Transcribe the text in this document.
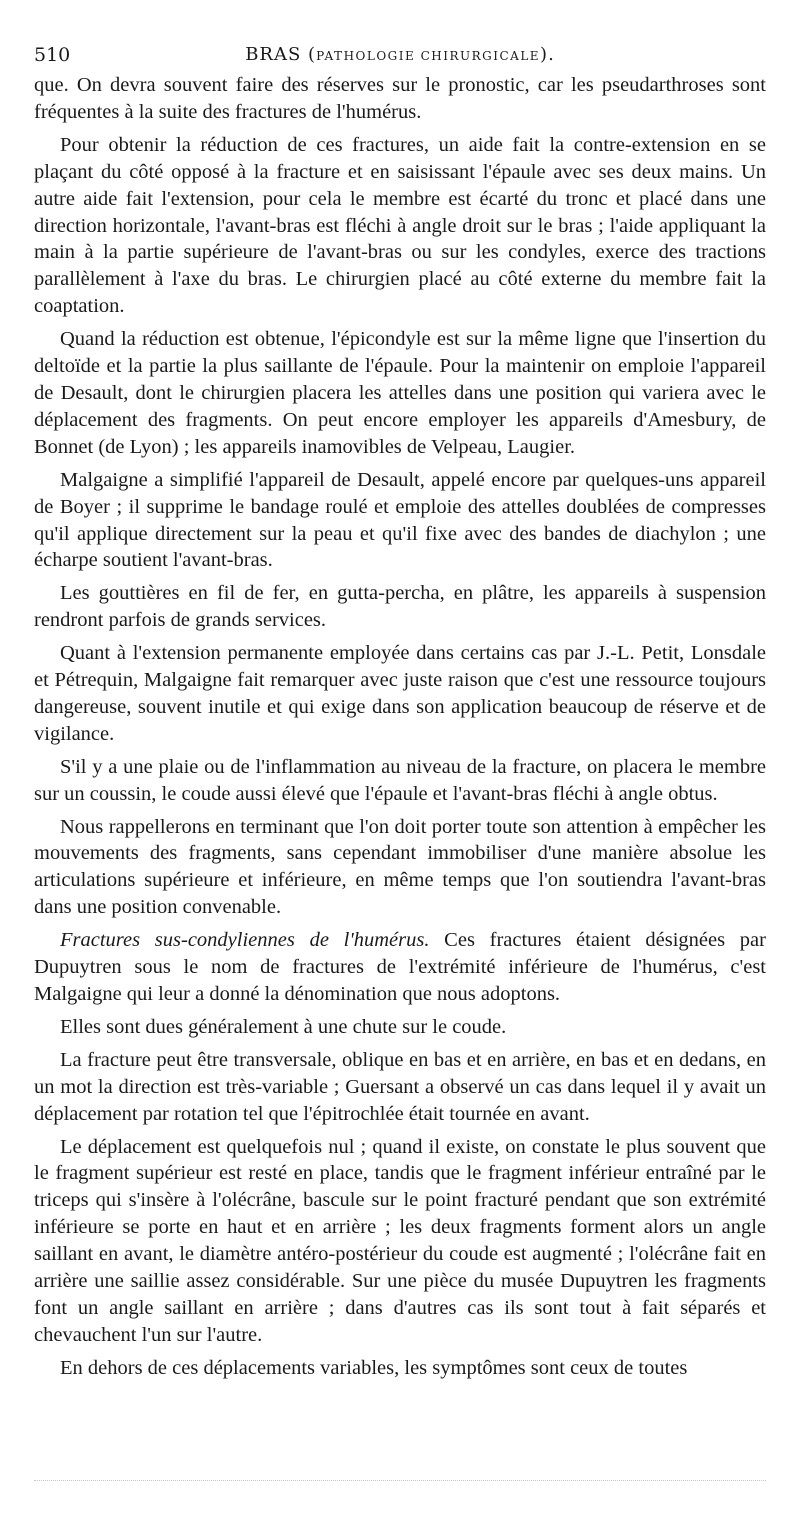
510	BRAS (PATHOLOGIE CHIRURGICALE).

que. On devra souvent faire des réserves sur le pronostic, car les pseudarthroses sont fréquentes à la suite des fractures de l'humérus.

Pour obtenir la réduction de ces fractures, un aide fait la contre-extension en se plaçant du côté opposé à la fracture et en saisissant l'épaule avec ses deux mains. Un autre aide fait l'extension, pour cela le membre est écarté du tronc et placé dans une direction horizontale, l'avant-bras est fléchi à angle droit sur le bras ; l'aide appliquant la main à la partie supérieure de l'avant-bras ou sur les condyles, exerce des tractions parallèlement à l'axe du bras. Le chirurgien placé au côté externe du membre fait la coaptation.

Quand la réduction est obtenue, l'épicondyle est sur la même ligne que l'insertion du deltoïde et la partie la plus saillante de l'épaule. Pour la maintenir on emploie l'appareil de Desault, dont le chirurgien placera les attelles dans une position qui variera avec le déplacement des fragments. On peut encore employer les appareils d'Amesbury, de Bonnet (de Lyon) ; les appareils inamovibles de Velpeau, Laugier.

Malgaigne a simplifié l'appareil de Desault, appelé encore par quelques-uns appareil de Boyer ; il supprime le bandage roulé et emploie des attelles doublées de compresses qu'il applique directement sur la peau et qu'il fixe avec des bandes de diachylon ; une écharpe soutient l'avant-bras.

Les gouttières en fil de fer, en gutta-percha, en plâtre, les appareils à suspension rendront parfois de grands services.

Quant à l'extension permanente employée dans certains cas par J.-L. Petit, Lonsdale et Pétrequin, Malgaigne fait remarquer avec juste raison que c'est une ressource toujours dangereuse, souvent inutile et qui exige dans son application beaucoup de réserve et de vigilance.

S'il y a une plaie ou de l'inflammation au niveau de la fracture, on placera le membre sur un coussin, le coude aussi élevé que l'épaule et l'avant-bras fléchi à angle obtus.

Nous rappellerons en terminant que l'on doit porter toute son attention à empêcher les mouvements des fragments, sans cependant immobiliser d'une manière absolue les articulations supérieure et inférieure, en même temps que l'on soutiendra l'avant-bras dans une position convenable.

Fractures sus-condyliennes de l'humérus. Ces fractures étaient désignées par Dupuytren sous le nom de fractures de l'extrémité inférieure de l'humérus, c'est Malgaigne qui leur a donné la dénomination que nous adoptons.

Elles sont dues généralement à une chute sur le coude.

La fracture peut être transversale, oblique en bas et en arrière, en bas et en dedans, en un mot la direction est très-variable ; Guersant a observé un cas dans lequel il y avait un déplacement par rotation tel que l'épitrochlée était tournée en avant.

Le déplacement est quelquefois nul ; quand il existe, on constate le plus souvent que le fragment supérieur est resté en place, tandis que le fragment inférieur entraîné par le triceps qui s'insère à l'olécrâne, bascule sur le point fracturé pendant que son extrémité inférieure se porte en haut et en arrière ; les deux fragments forment alors un angle saillant en avant, le diamètre antéro-postérieur du coude est augmenté ; l'olécrâne fait en arrière une saillie assez considérable. Sur une pièce du musée Dupuytren les fragments font un angle saillant en arrière ; dans d'autres cas ils sont tout à fait séparés et chevauchent l'un sur l'autre.

En dehors de ces déplacements variables, les symptômes sont ceux de toutes
